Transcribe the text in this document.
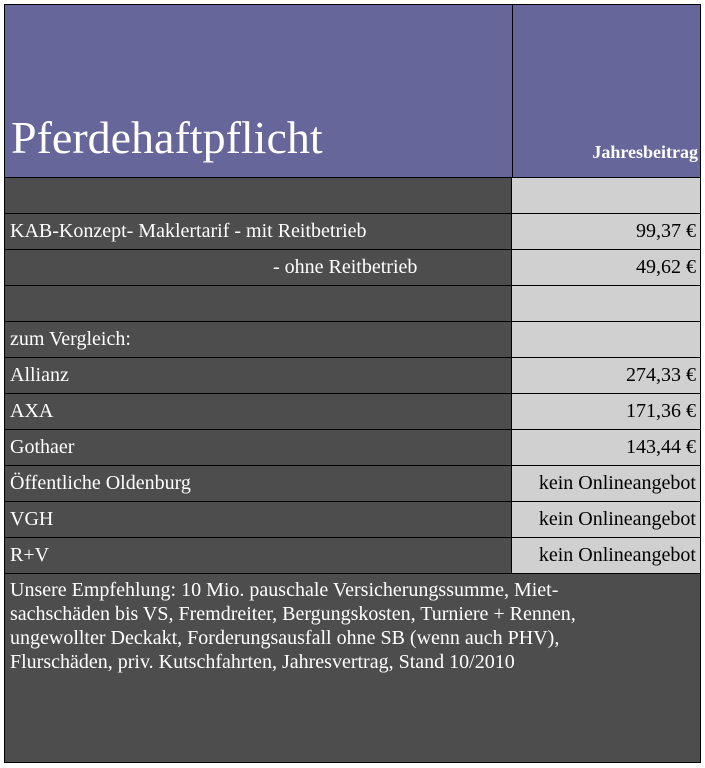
Pferdehaftpflicht	Jahresbeitrag
KAB-Konzept- Maklertarif - mit Reitbetrieb	99,37 €
- ohne Reitbetrieb	49,62 €
zum Vergleich:
Allianz	274,33 €
AXA	171,36 €
Gothaer	143,44 €
Öffentliche Oldenburg	kein Onlineangebot
VGH	kein Onlineangebot
R+V	kein Onlineangebot
Unsere Empfehlung: 10 Mio. pauschale Versicherungssumme, Miet-
sachschäden bis VS, Fremdreiter, Bergungskosten, Turniere + Rennen,
ungewollter Deckakt, Forderungsausfall ohne SB (wenn auch PHV),
Flurschäden, priv. Kutschfahrten, Jahresvertrag, Stand 10/2010
